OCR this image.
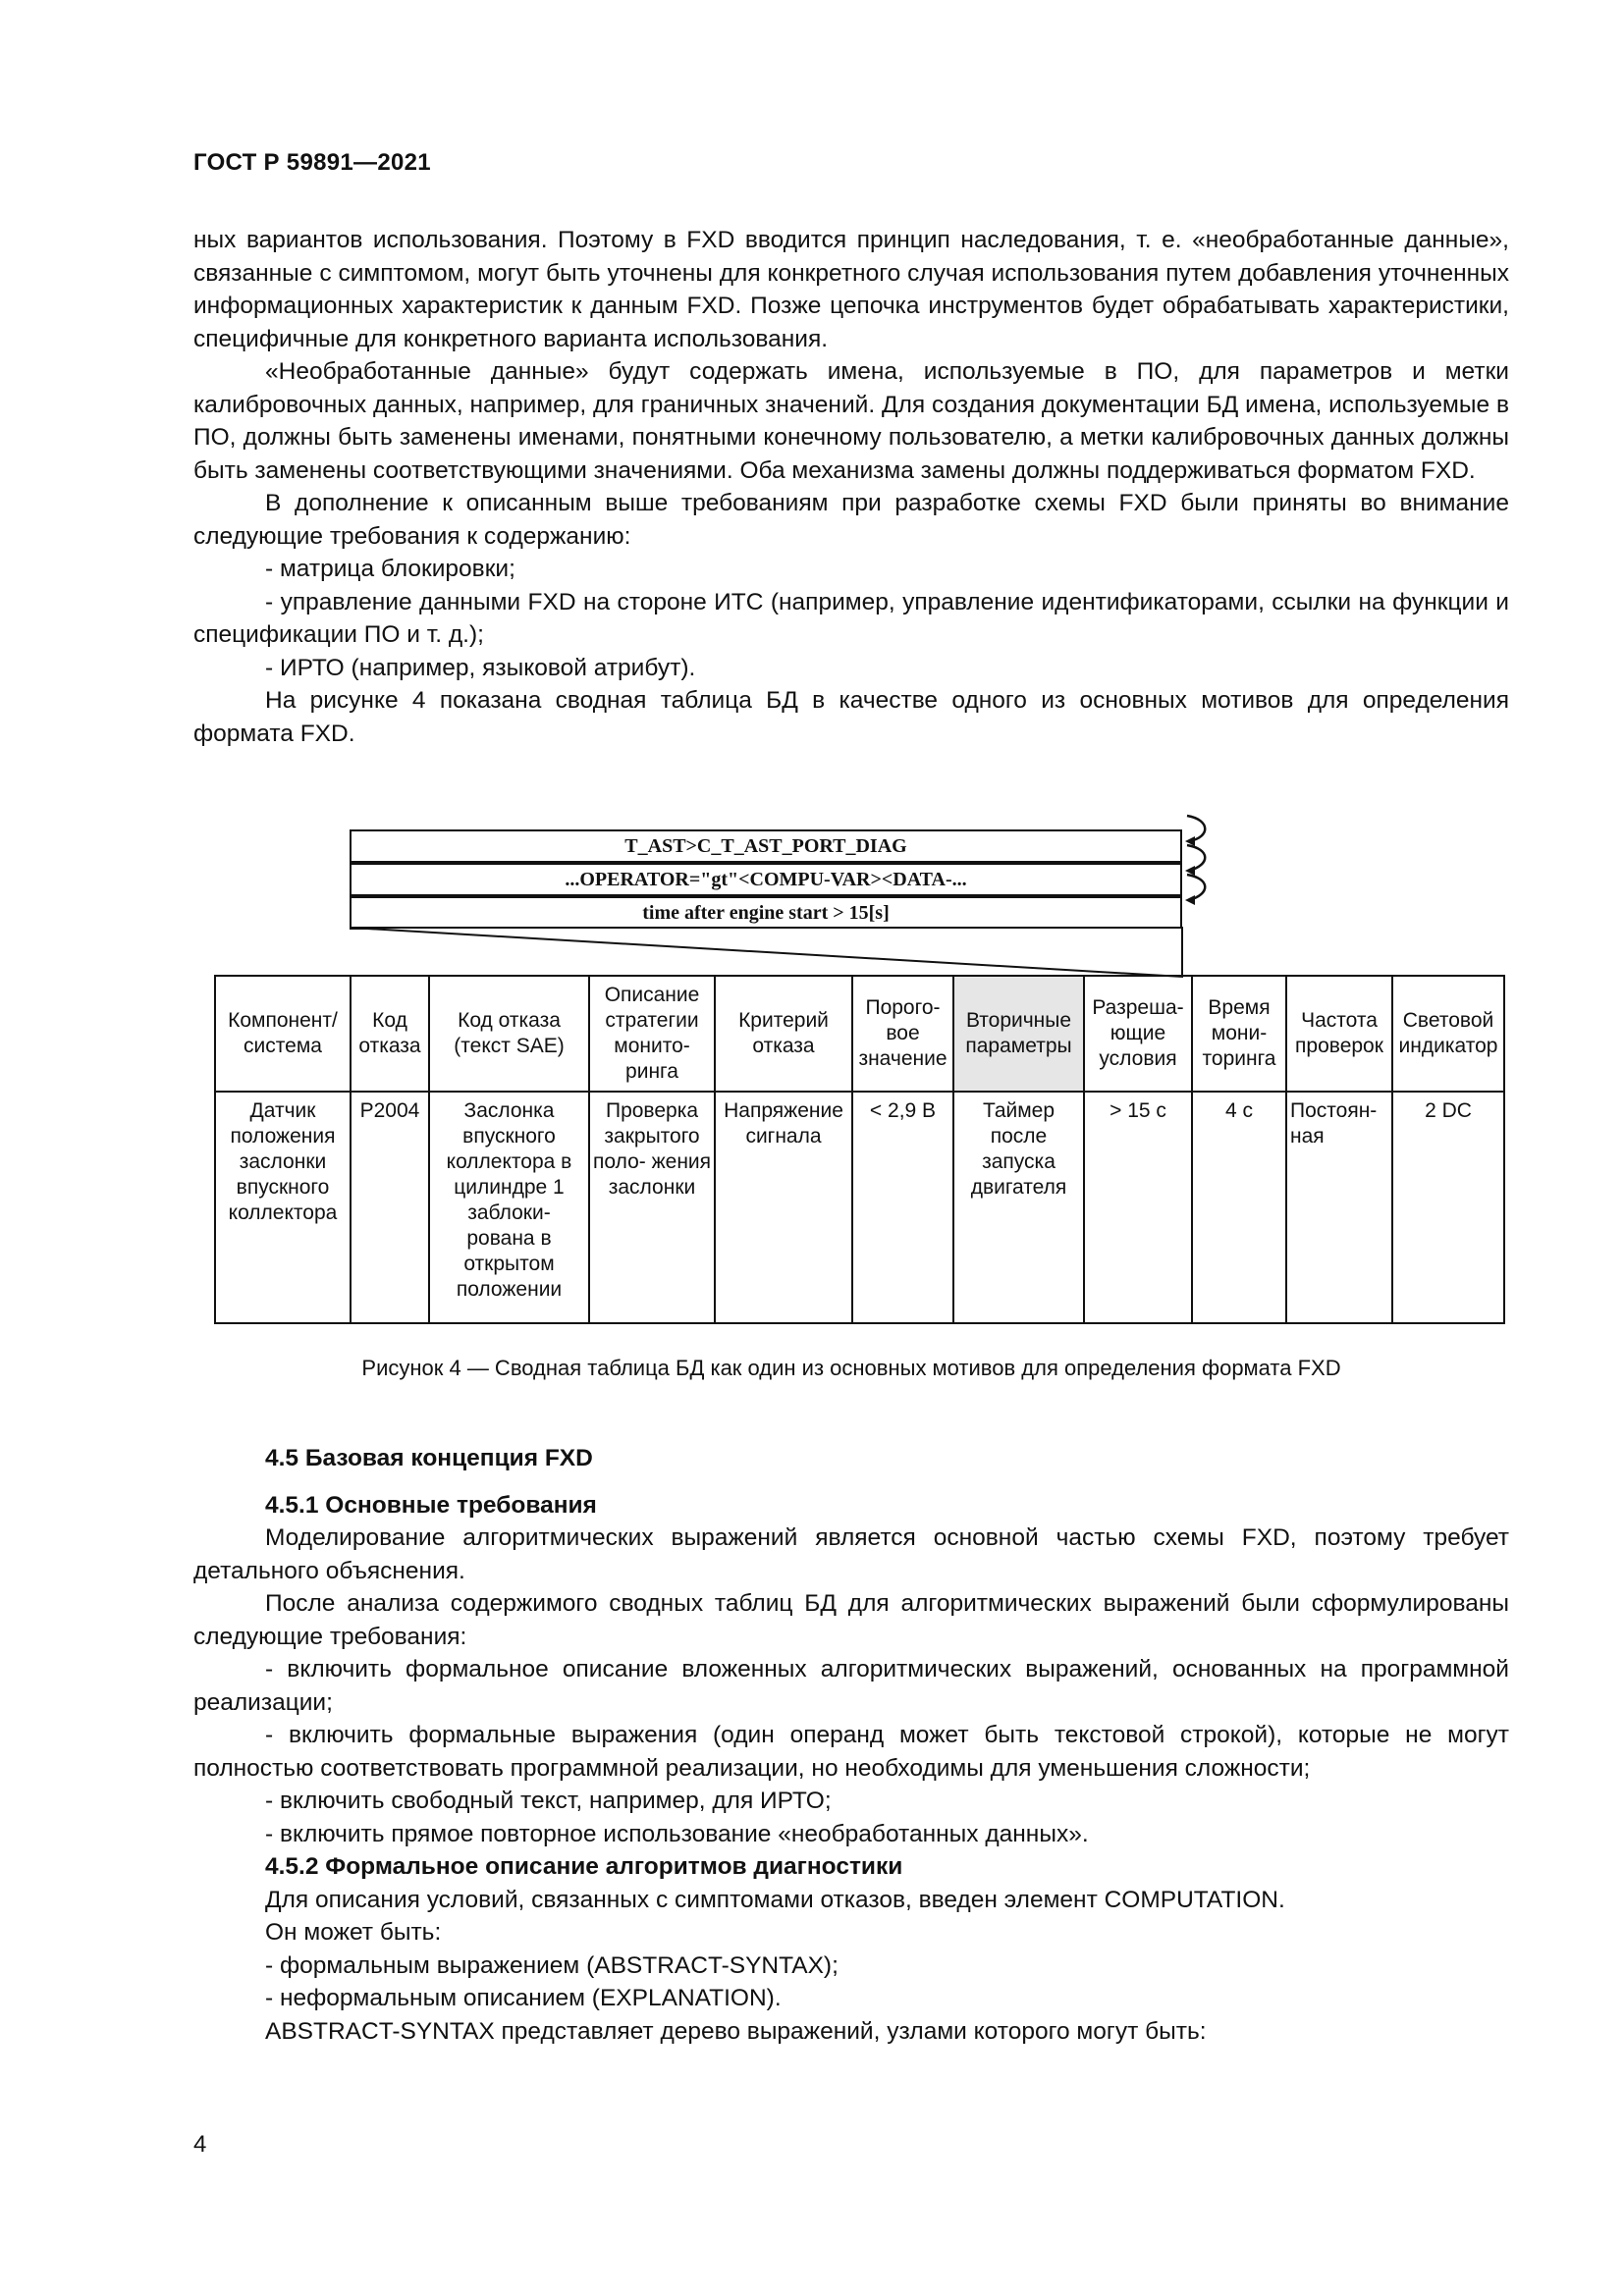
ГОСТ Р 59891—2021

ных вариантов использования. Поэтому в FXD вводится принцип наследования, т. е. «необработанные данные», связанные с симптомом, могут быть уточнены для конкретного случая использования путем добавления уточненных информационных характеристик к данным FXD. Позже цепочка инструментов будет обрабатывать характеристики, специфичные для конкретного варианта использования.

«Необработанные данные» будут содержать имена, используемые в ПО, для параметров и метки калибровочных данных, например, для граничных значений. Для создания документации БД имена, используемые в ПО, должны быть заменены именами, понятными конечному пользователю, а метки калибровочных данных должны быть заменены соответствующими значениями. Оба механизма замены должны поддерживаться форматом FXD.

В дополнение к описанным выше требованиям при разработке схемы FXD были приняты во внимание следующие требования к содержанию:

- матрица блокировки;

- управление данными FXD на стороне ИТС (например, управление идентификаторами, ссылки на функции и спецификации ПО и т. д.);

- ИРТО (например, языковой атрибут).

На рисунке 4 показана сводная таблица БД в качестве одного из основных мотивов для определения формата FXD.

T_AST>C_T_AST_PORT_DIAG
...OPERATOR="gt"<COMPU-VAR><DATA-...
time after engine start > 15[s]
Компонент/ система	Код отказа	Код отказа (текст SAE)	Описание стратегии монито- ринга	Критерий отказа	Порого- вое значение	Вторичные параметры	Разреша- ющие условия	Время мони- торинга	Частота проверок	Световой индикатор
Датчик положения заслонки впускного коллектора	P2004	Заслонка впускного коллектора в цилиндре 1 заблоки- рована в открытом положении	Проверка закрытого поло- жения заслонки	Напряжение сигнала	< 2,9 В	Таймер после запуска двигателя	> 15 с	4 с	Постоян- ная	2 DC
Рисунок 4 — Сводная таблица БД как один из основных мотивов для определения формата FXD

4.5 Базовая концепция FXD

4.5.1 Основные требования

Моделирование алгоритмических выражений является основной частью схемы FXD, поэтому требует детального объяснения.

После анализа содержимого сводных таблиц БД для алгоритмических выражений были сформулированы следующие требования:

- включить формальное описание вложенных алгоритмических выражений, основанных на программной реализации;

- включить формальные выражения (один операнд может быть текстовой строкой), которые не могут полностью соответствовать программной реализации, но необходимы для уменьшения сложности;

- включить свободный текст, например, для ИРТО;

- включить прямое повторное использование «необработанных данных».

4.5.2 Формальное описание алгоритмов диагностики

Для описания условий, связанных с симптомами отказов, введен элемент COMPUTATION.

Он может быть:

- формальным выражением (ABSTRACT-SYNTAX);

- неформальным описанием (EXPLANATION).

ABSTRACT-SYNTAX представляет дерево выражений, узлами которого могут быть:

4
